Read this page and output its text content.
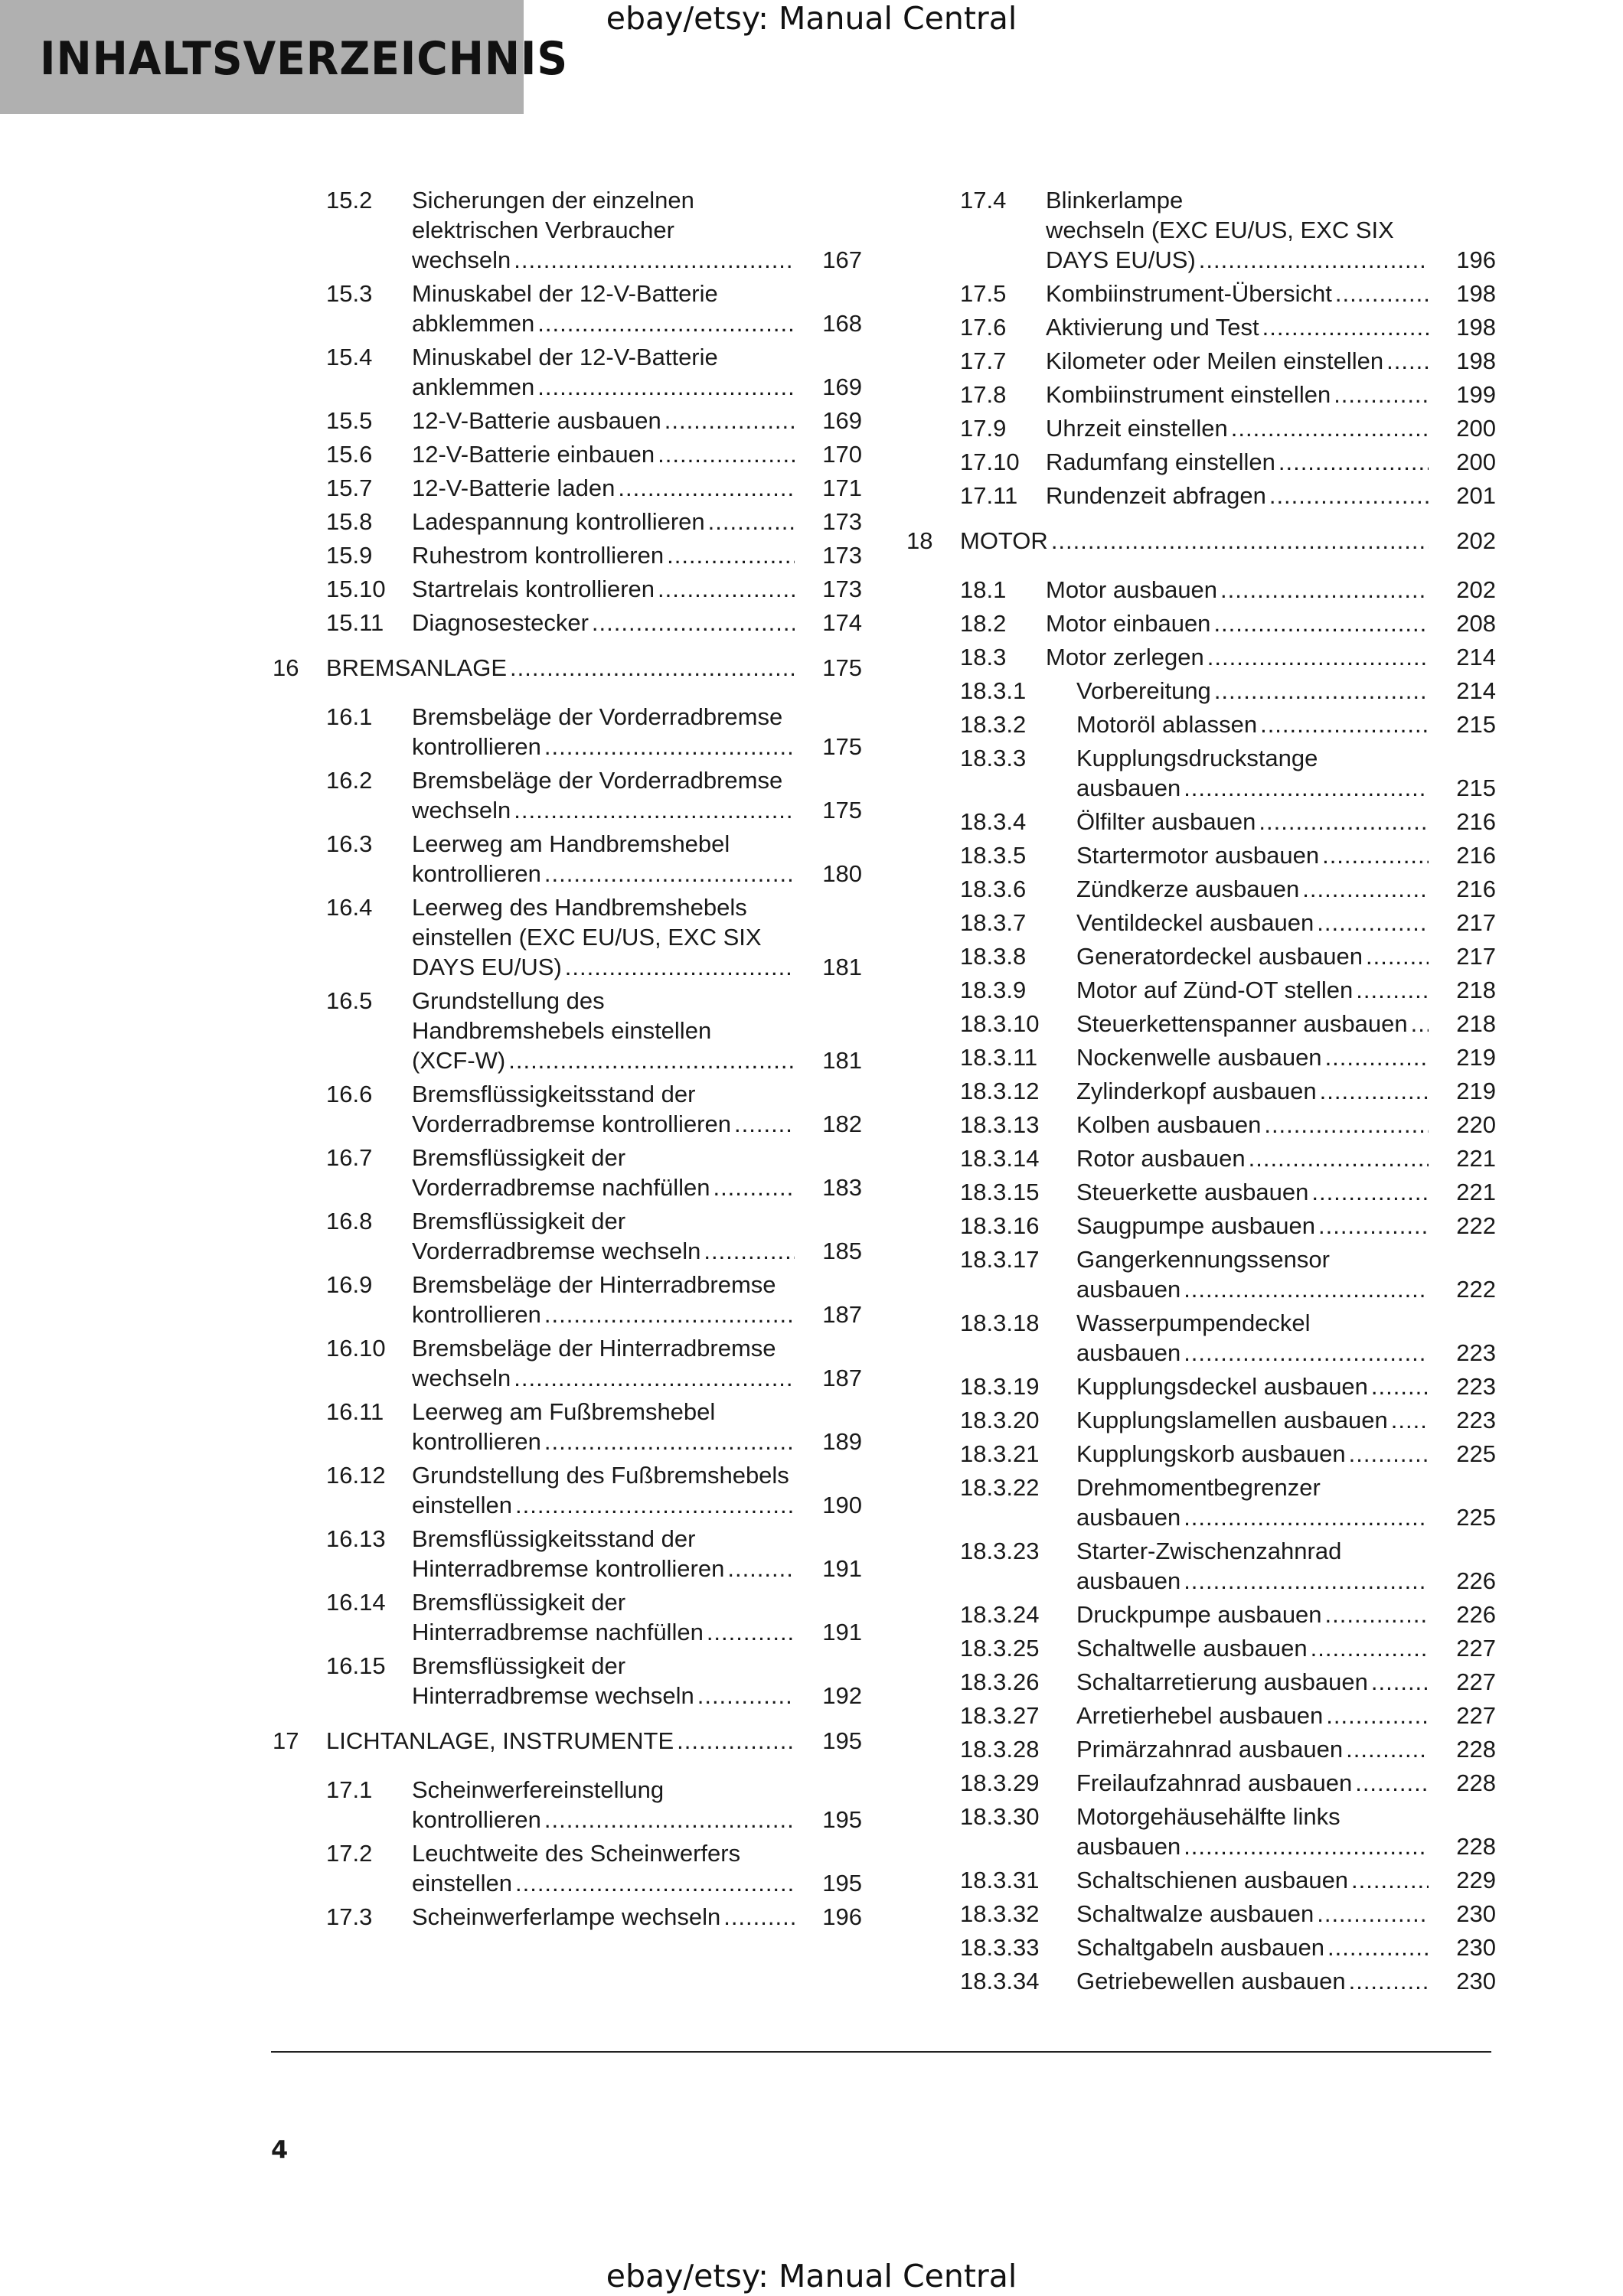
ebay/etsy: Manual Central
INHALTSVERZEICHNIS
15.2 Sicherungen der einzelnen
elektrischen Verbraucher
wechseln .....	167
15.3 Minuskabel der 12-V-Batterie
abklemmen .....	168
15.4 Minuskabel der 12-V-Batterie
anklemmen .....	169
15.5 12-V-Batterie ausbauen .....	169
15.6 12-V-Batterie einbauen .....	170
15.7 12-V-Batterie laden .....	171
15.8 Ladespannung kontrollieren .....	173
15.9 Ruhestrom kontrollieren .....	173
15.10 Startrelais kontrollieren .....	173
15.11 Diagnosestecker .....	174
16 BREMSANLAGE .....	175
16.1 Bremsbeläge der Vorderradbremse
kontrollieren .....	175
16.2 Bremsbeläge der Vorderradbremse
wechseln .....	175
16.3 Leerweg am Handbremshebel
kontrollieren .....	180
16.4 Leerweg des Handbremshebels
einstellen (EXC EU/US, EXC SIX
DAYS EU/US) .....	181
16.5 Grundstellung des
Handbremshebels einstellen
(XCF-W) .....	181
16.6 Bremsflüssigkeitsstand der
Vorderradbremse kontrollieren .....	182
16.7 Bremsflüssigkeit der
Vorderradbremse nachfüllen .....	183
16.8 Bremsflüssigkeit der
Vorderradbremse wechseln .....	185
16.9 Bremsbeläge der Hinterradbremse
kontrollieren .....	187
16.10 Bremsbeläge der Hinterradbremse
wechseln .....	187
16.11 Leerweg am Fußbremshebel
kontrollieren .....	189
16.12 Grundstellung des Fußbremshebels
einstellen .....	190
16.13 Bremsflüssigkeitsstand der
Hinterradbremse kontrollieren .....	191
16.14 Bremsflüssigkeit der
Hinterradbremse nachfüllen .....	191
16.15 Bremsflüssigkeit der
Hinterradbremse wechseln .....	192
17 LICHTANLAGE, INSTRUMENTE .....	195
17.1 Scheinwerfereinstellung
kontrollieren .....	195
17.2 Leuchtweite des Scheinwerfers
einstellen .....	195
17.3 Scheinwerferlampe wechseln .....	196
17.4 Blinkerlampe
wechseln (EXC EU/US, EXC SIX
DAYS EU/US) .....	196
17.5 Kombiinstrument-Übersicht .....	198
17.6 Aktivierung und Test .....	198
17.7 Kilometer oder Meilen einstellen .....	198
17.8 Kombiinstrument einstellen .....	199
17.9 Uhrzeit einstellen .....	200
17.10 Radumfang einstellen .....	200
17.11 Rundenzeit abfragen .....	201
18 MOTOR .....	202
18.1 Motor ausbauen .....	202
18.2 Motor einbauen .....	208
18.3 Motor zerlegen .....	214
18.3.1 Vorbereitung .....	214
18.3.2 Motoröl ablassen .....	215
18.3.3 Kupplungsdruckstange
ausbauen .....	215
18.3.4 Ölfilter ausbauen .....	216
18.3.5 Startermotor ausbauen .....	216
18.3.6 Zündkerze ausbauen .....	216
18.3.7 Ventildeckel ausbauen .....	217
18.3.8 Generatordeckel ausbauen .....	217
18.3.9 Motor auf Zünd-OT stellen .....	218
18.3.10 Steuerkettenspanner ausbauen .....	218
18.3.11 Nockenwelle ausbauen .....	219
18.3.12 Zylinderkopf ausbauen .....	219
18.3.13 Kolben ausbauen .....	220
18.3.14 Rotor ausbauen .....	221
18.3.15 Steuerkette ausbauen .....	221
18.3.16 Saugpumpe ausbauen .....	222
18.3.17 Gangerkennungssensor
ausbauen .....	222
18.3.18 Wasserpumpendeckel
ausbauen .....	223
18.3.19 Kupplungsdeckel ausbauen .....	223
18.3.20 Kupplungslamellen ausbauen .....	223
18.3.21 Kupplungskorb ausbauen .....	225
18.3.22 Drehmomentbegrenzer
ausbauen .....	225
18.3.23 Starter-Zwischenzahnrad
ausbauen .....	226
18.3.24 Druckpumpe ausbauen .....	226
18.3.25 Schaltwelle ausbauen .....	227
18.3.26 Schaltarretierung ausbauen .....	227
18.3.27 Arretierhebel ausbauen .....	227
18.3.28 Primärzahnrad ausbauen .....	228
18.3.29 Freilaufzahnrad ausbauen .....	228
18.3.30 Motorgehäusehälfte links
ausbauen .....	228
18.3.31 Schaltschienen ausbauen .....	229
18.3.32 Schaltwalze ausbauen .....	230
18.3.33 Schaltgabeln ausbauen .....	230
18.3.34 Getriebewellen ausbauen .....	230
4
ebay/etsy: Manual Central
